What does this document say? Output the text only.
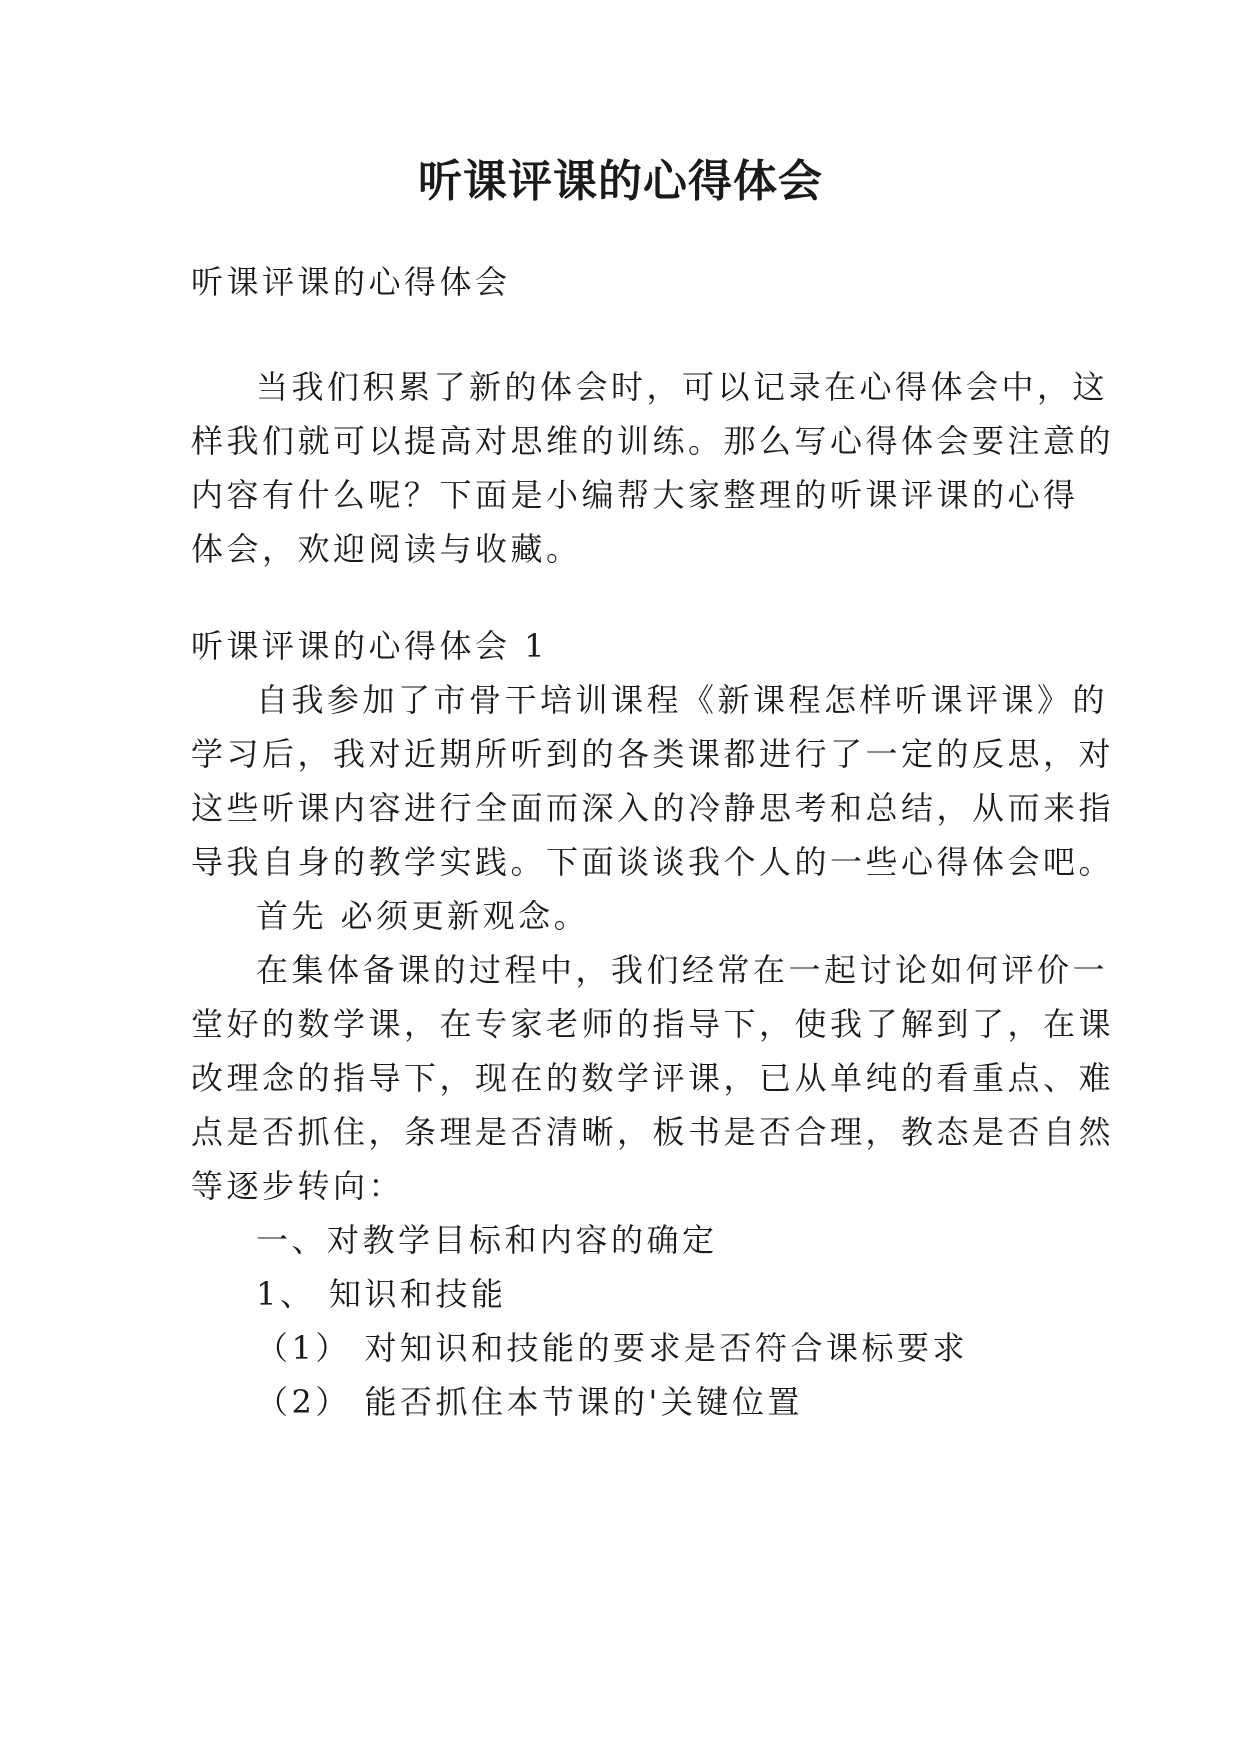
听课评课的心得体会

听课评课的心得体会

当我们积累了新的体会时，可以记录在心得体会中，这

样我们就可以提高对思维的训练。那么写心得体会要注意的

内容有什么呢？下面是小编帮大家整理的听课评课的心得

体会，欢迎阅读与收藏。

听课评课的心得体会 1

自我参加了市骨干培训课程《新课程怎样听课评课》的

学习后，我对近期所听到的各类课都进行了一定的反思，对

这些听课内容进行全面而深入的冷静思考和总结，从而来指

导我自身的教学实践。下面谈谈我个人的一些心得体会吧。

首先 必须更新观念。

在集体备课的过程中，我们经常在一起讨论如何评价一

堂好的数学课，在专家老师的指导下，使我了解到了，在课

改理念的指导下，现在的数学评课，已从单纯的看重点、难

点是否抓住，条理是否清晰，板书是否合理，教态是否自然

等逐步转向：

一、对教学目标和内容的确定

1、 知识和技能

（1） 对知识和技能的要求是否符合课标要求

（2） 能否抓住本节课的'关键位置
